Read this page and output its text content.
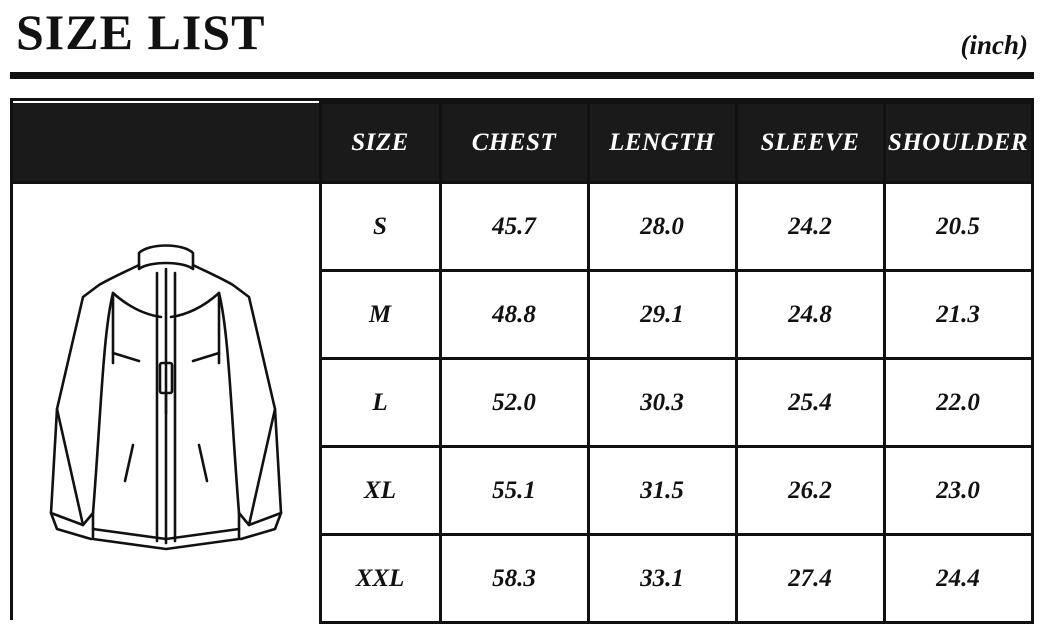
SIZE LIST	(inch)
	SIZE	CHEST	LENGTH	SLEEVE	SHOULDER

	S	45.7	28.0	24.2	20.5
	M	48.8	29.1	24.8	21.3
	L	52.0	30.3	25.4	22.0
	XL	55.1	31.5	26.2	23.0
	XXL	58.3	33.1	27.4	24.4
